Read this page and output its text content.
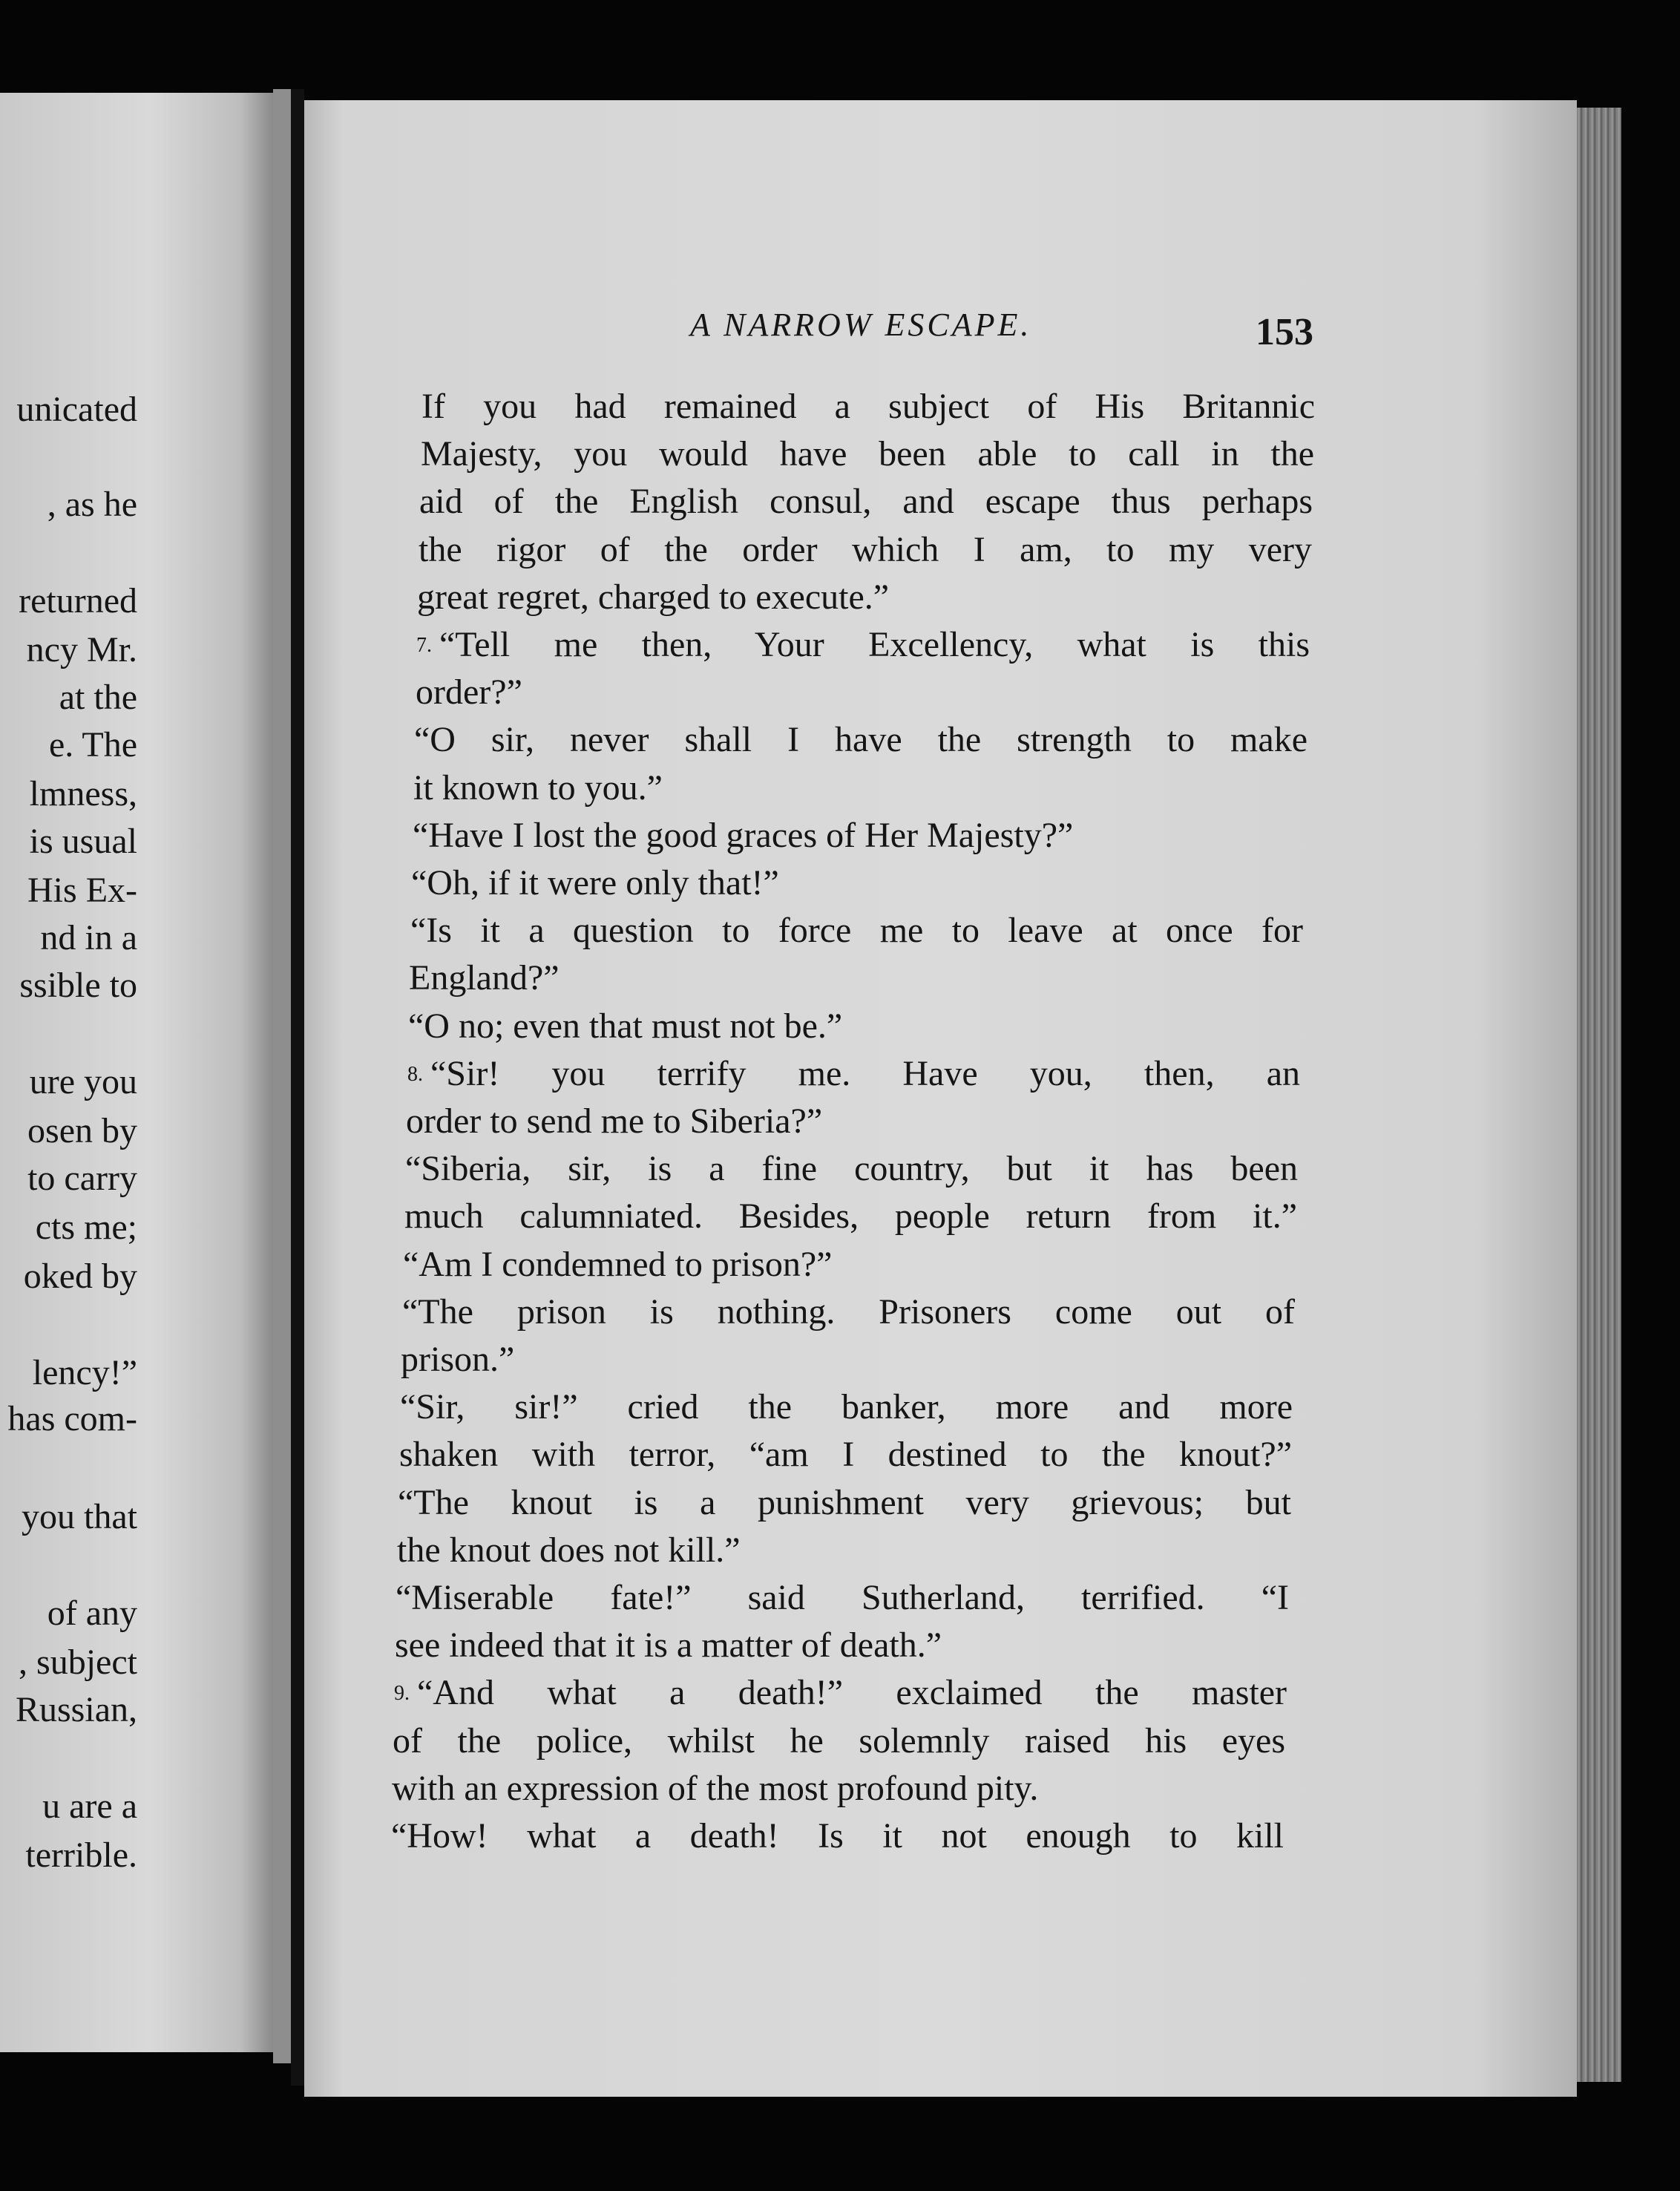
unicated
, as he
returned
ncy Mr.
at the
e. The
lmness,
is usual
His Ex-
nd in a
ssible to
ure you
osen by
to carry
cts me;
oked by
lency!”
has com-
you that
of any
, subject
Russian,
u are a
terrible.
A NARROW ESCAPE.	153
If you had remained a subject of His Britannic
Majesty, you would have been able to call in the
aid of the English consul, and escape thus perhaps
the rigor of the order which I am, to my very
great regret, charged to execute.”
7. “Tell me then, Your Excellency, what is this
order?”
“O sir, never shall I have the strength to make
it known to you.”
“Have I lost the good graces of Her Majesty?”
“Oh, if it were only that!”
“Is it a question to force me to leave at once for
England?”
“O no; even that must not be.”
8. “Sir! you terrify me. Have you, then, an
order to send me to Siberia?”
“Siberia, sir, is a fine country, but it has been
much calumniated. Besides, people return from it.”
“Am I condemned to prison?”
“The prison is nothing. Prisoners come out of
prison.”
“Sir, sir!” cried the banker, more and more
shaken with terror, “am I destined to the knout?”
“The knout is a punishment very grievous; but
the knout does not kill.”
“Miserable fate!” said Sutherland, terrified. “I
see indeed that it is a matter of death.”
9. “And what a death!” exclaimed the master
of the police, whilst he solemnly raised his eyes
with an expression of the most profound pity.
“How! what a death! Is it not enough to kill
